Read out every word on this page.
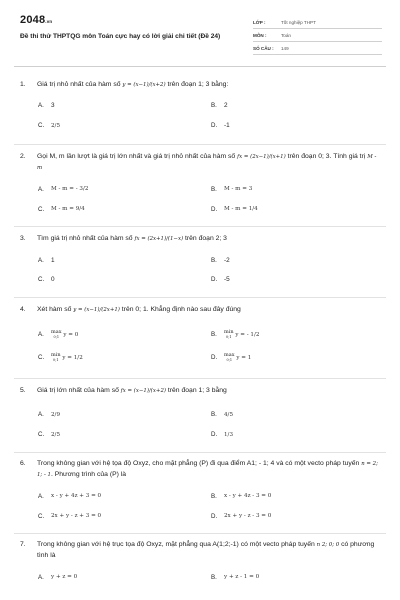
2048.vn
Đề thi thử THPTQG môn Toán cực hay có lời giải chi tiết (Đề 24)
LỚP :	Tốt nghiệp THPT
MÔN :	Toán
SỐ CÂU :	149
1.	Giá trị nhỏ nhất của hàm số y = (x−1)/(x+2) trên đoạn 1; 3 bằng:
A.	3	B.	2
C.	2/5	D.	-1
2.	Gọi M, m lần lượt là giá trị lớn nhất và giá trị nhỏ nhất của hàm số fx = (2x−1)/(x+1) trên đoạn 0; 3. Tính giá trị M - m
A.	M - m = - 3/2	B.	M - m = 3
C.	M - m = 9/4	D.	M - m = 1/4
3.	Tìm giá trị nhỏ nhất của hàm số fx = (2x+1)/(1−x) trên đoạn 2; 3
A.	1	B.	-2
C.	0	D.	-5
4.	Xét hàm số y = (x−1)/(2x+1) trên 0; 1. Khẳng định nào sau đây đúng
A.	max
0;1
y = 0	B.	min
0;1
y = - 1/2
C.	min
0;1
y = 1/2	D.	max
0;1
y = 1
5.	Giá trị lớn nhất của hàm số fx = (x−1)/(x+2) trên đoạn 1; 3 bằng
A.	2/9	B.	4/5
C.	2/5	D.	1/3
6.	Trong không gian với hệ tọa độ Oxyz, cho mặt phẳng (P) đi qua điểm A1; - 1; 4 và có một vecto pháp tuyến n = 2; 1; - 1. Phương trình của (P) là
A.	x - y + 4z + 3 = 0	B.	x - y + 4z - 3 = 0
C.	2x + y - z + 3 = 0	D.	2x + y - z - 3 = 0
7.	Trong không gian với hệ trục tọa độ Oxyz, mặt phẳng qua A(1;2;-1) có một vecto pháp tuyến n 2; 0; 0 có phương tình là
A.	y + z = 0	B.	y + z - 1 = 0
